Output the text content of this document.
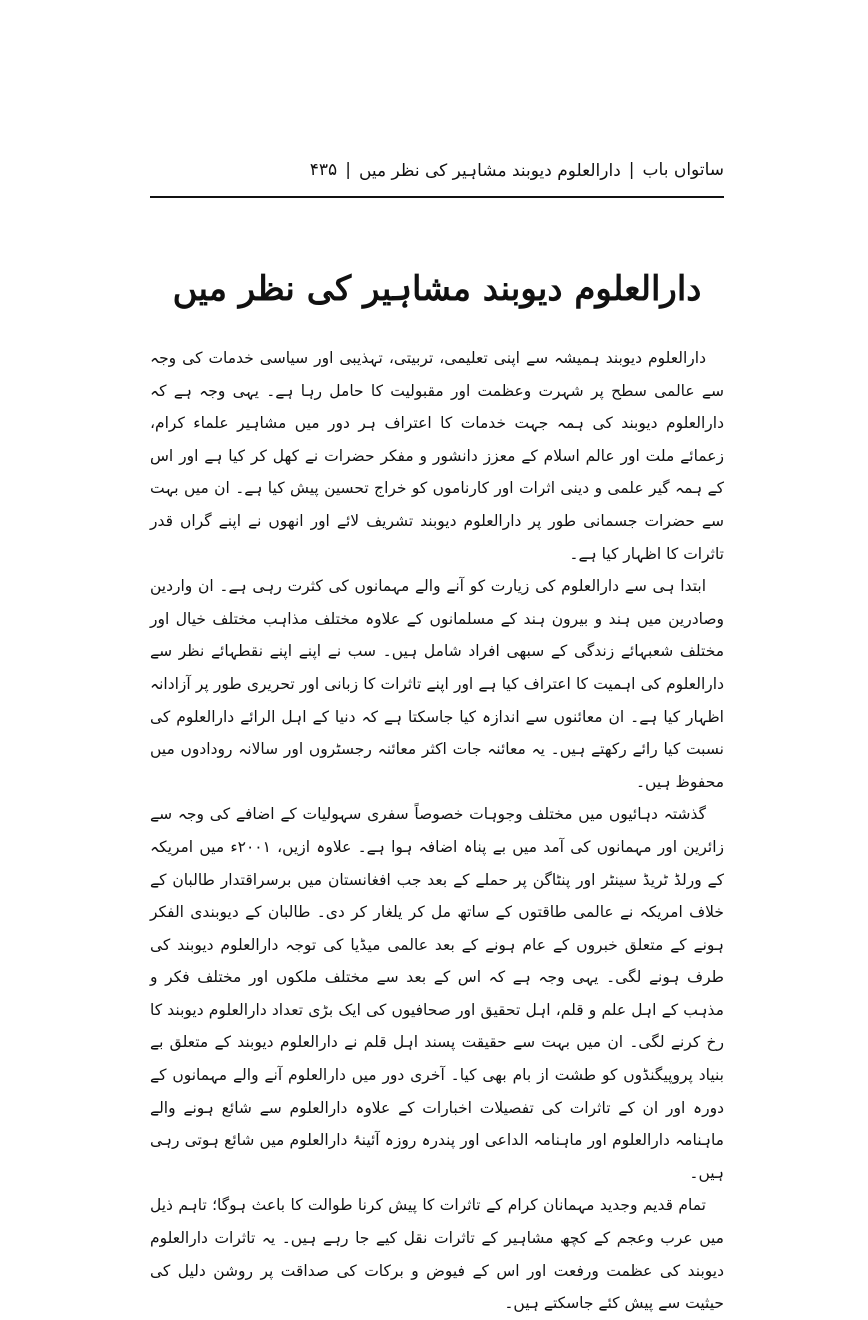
ساتواں باب
|
دارالعلوم دیوبند مشاہیر کی نظر میں
|
۴۳۵
دارالعلوم دیوبند مشاہیر کی نظر میں

دارالعلوم دیوبند ہمیشہ سے اپنی تعلیمی، تربیتی، تہذیبی اور سیاسی خدمات کی وجہ سے عالمی سطح پر شہرت وعظمت اور مقبولیت کا حامل رہا ہے۔ یہی وجہ ہے کہ دارالعلوم دیوبند کی ہمہ جہت خدمات کا اعتراف ہر دور میں مشاہیر علماء کرام، زعمائے ملت اور عالم اسلام کے معزز دانشور و مفکر حضرات نے کھل کر کیا ہے اور اس کے ہمہ گیر علمی و دینی اثرات اور کارناموں کو خراج تحسین پیش کیا ہے۔ ان میں بہت سے حضرات جسمانی طور پر دارالعلوم دیوبند تشریف لائے اور انھوں نے اپنے گراں قدر تاثرات کا اظہار کیا ہے۔

ابتدا ہی سے دارالعلوم کی زیارت کو آنے والے مہمانوں کی کثرت رہی ہے۔ ان واردین وصادرین میں ہند و بیرون ہند کے مسلمانوں کے علاوہ مختلف مذاہب مختلف خیال اور مختلف شعبہائے زندگی کے سبھی افراد شامل ہیں۔ سب نے اپنے اپنے نقطہائے نظر سے دارالعلوم کی اہمیت کا اعتراف کیا ہے اور اپنے تاثرات کا زبانی اور تحریری طور پر آزادانہ اظہار کیا ہے۔ ان معائنوں سے اندازہ کیا جاسکتا ہے کہ دنیا کے اہل الرائے دارالعلوم کی نسبت کیا رائے رکھتے ہیں۔ یہ معائنہ جات اکثر معائنہ رجسٹروں اور سالانہ رودادوں میں محفوظ ہیں۔

گذشتہ دہائیوں میں مختلف وجوہات خصوصاً سفری سہولیات کے اضافے کی وجہ سے زائرین اور مہمانوں کی آمد میں بے پناہ اضافہ ہوا ہے۔ علاوہ ازیں، ۲۰۰۱ء میں امریکہ کے ورلڈ ٹریڈ سینٹر اور پنٹاگن پر حملے کے بعد جب افغانستان میں برسراقتدار طالبان کے خلاف امریکہ نے عالمی طاقتوں کے ساتھ مل کر یلغار کر دی۔ طالبان کے دیوبندی الفکر ہونے کے متعلق خبروں کے عام ہونے کے بعد عالمی میڈیا کی توجہ دارالعلوم دیوبند کی طرف ہونے لگی۔ یہی وجہ ہے کہ اس کے بعد سے مختلف ملکوں اور مختلف فکر و مذہب کے اہل علم و قلم، اہل تحقیق اور صحافیوں کی ایک بڑی تعداد دارالعلوم دیوبند کا رخ کرنے لگی۔ ان میں بہت سے حقیقت پسند اہل قلم نے دارالعلوم دیوبند کے متعلق بے بنیاد پروپیگنڈوں کو طشت از بام بھی کیا۔ آخری دور میں دارالعلوم آنے والے مہمانوں کے دورہ اور ان کے تاثرات کی تفصیلات اخبارات کے علاوہ دارالعلوم سے شائع ہونے والے ماہنامہ دارالعلوم اور ماہنامہ الداعی اور پندرہ روزہ آئینۂ دارالعلوم میں شائع ہوتی رہی ہیں۔

تمام قدیم وجدید مہمانان کرام کے تاثرات کا پیش کرنا طوالت کا باعث ہوگا؛ تاہم ذیل میں عرب وعجم کے کچھ مشاہیر کے تاثرات نقل کیے جا رہے ہیں۔ یہ تاثرات دارالعلوم دیوبند کی عظمت ورفعت اور اس کے فیوض و برکات کی صداقت پر روشن دلیل کی حیثیت سے پیش کئے جاسکتے ہیں۔
